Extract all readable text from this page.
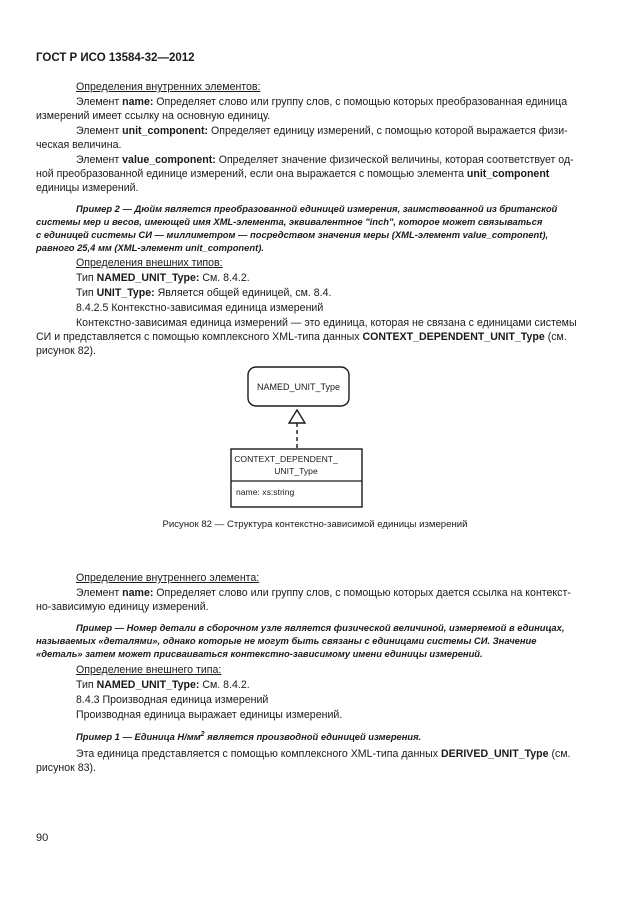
ГОСТ Р ИСО 13584-32—2012
Определения внутренних элементов:
Элемент name: Определяет слово или группу слов, с помощью которых преобразованная единица
измерений имеет ссылку на основную единицу.
Элемент unit_component: Определяет единицу измерений, с помощью которой выражается физи-
ческая величина.
Элемент value_component: Определяет значение физической величины, которая соответствует од-
ной преобразованной единице измерений, если она выражается с помощью элемента unit_component
единицы измерений.
Пример 2 — Дюйм является преобразованной единицей измерения, заимствованной из британской
системы мер и весов, имеющей имя XML-элемента, эквивалентное "inch", которое может связываться
с единицей системы СИ — миллиметром — посредством значения меры (XML-элемент value_component),
равного 25,4 мм (XML-элемент unit_component).
Определения внешних типов:
Тип NAMED_UNIT_Type: См. 8.4.2.
Тип UNIT_Type: Является общей единицей, см. 8.4.
8.4.2.5 Контекстно-зависимая единица измерений
Контекстно-зависимая единица измерений — это единица, которая не связана с единицами системы
СИ и представляется с помощью комплексного XML-типа данных CONTEXT_DEPENDENT_UNIT_Type (см.
рисунок 82).
NAMED_UNIT_Type
CONTEXT_DEPENDENT_
UNIT_Type
name: xs:string
Рисунок 82 — Структура контекстно-зависимой единицы измерений
Определение внутреннего элемента:
Элемент name: Определяет слово или группу слов, с помощью которых дается ссылка на контекст-
но-зависимую единицу измерений.
Пример — Номер детали в сборочном узле является физической величиной, измеряемой в единицах,
называемых «деталями», однако которые не могут быть связаны с единицами системы СИ. Значение
«деталь» затем может присваиваться контекстно-зависимому имени единицы измерений.
Определение внешнего типа:
Тип NAMED_UNIT_Type: См. 8.4.2.
8.4.3 Производная единица измерений
Производная единица выражает единицы измерений.
Пример 1 — Единица $Н/мм^2$ является производной единицей измерения.
Эта единица представляется с помощью комплексного XML-типа данных DERIVED_UNIT_Type (см.
рисунок 83).
90
